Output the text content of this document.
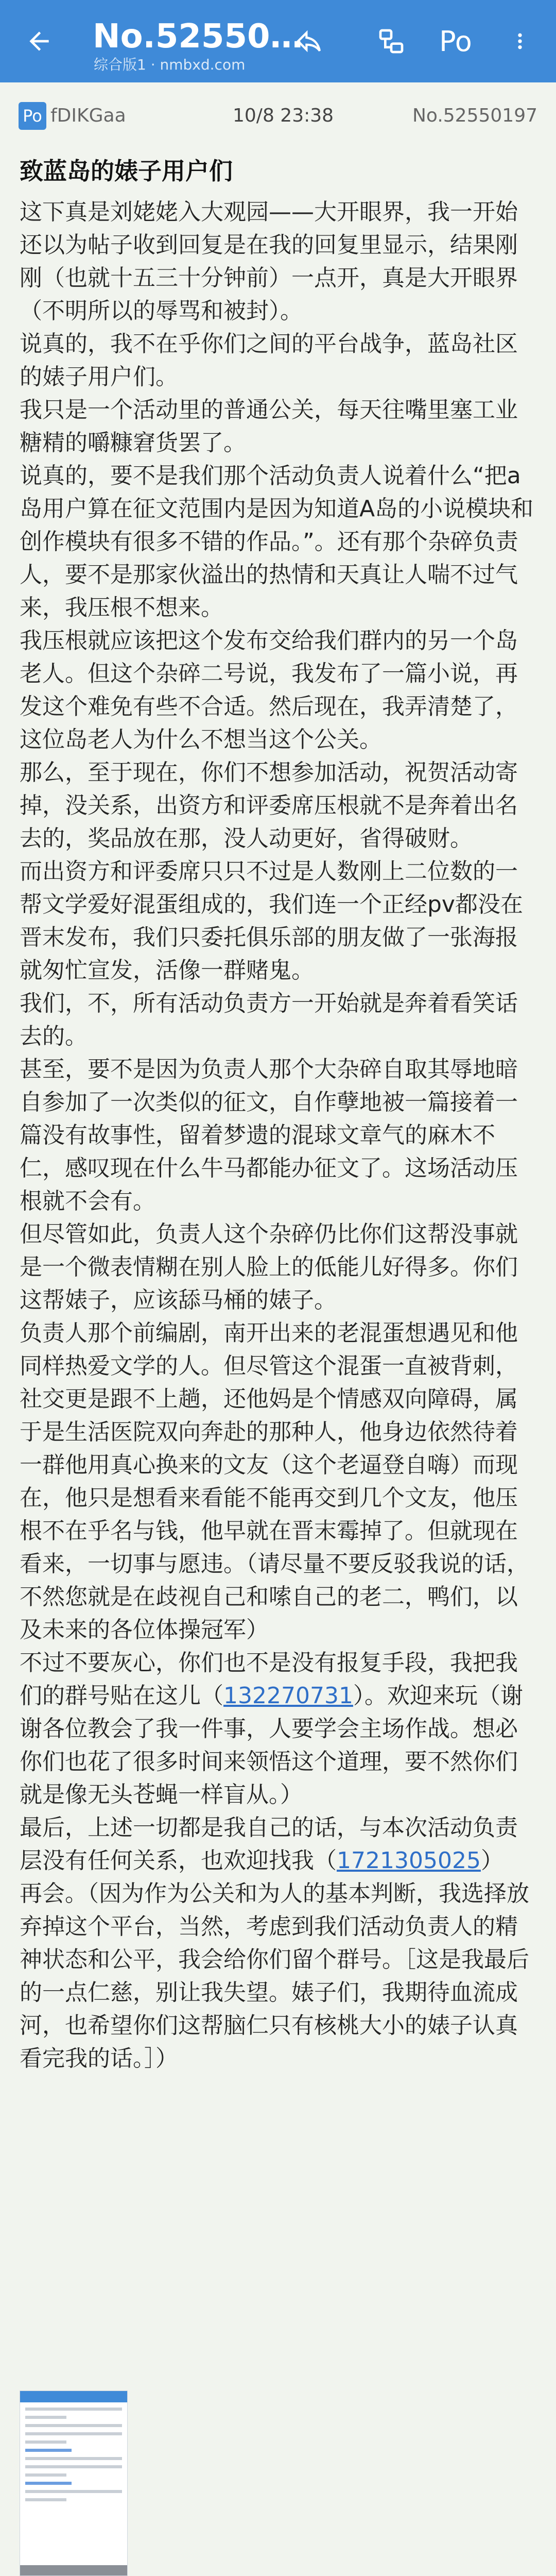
No.52550…
综合版1 · nmbxd.com
Po
Po fDIKGaa	10/8 23:38	No.52550197
致蓝岛的婊子用户们

这下真是刘姥姥入大观园——大开眼界，我一开始还以为帖子收到回复是在我的回复里显示，结果刚刚（也就十五三十分钟前）一点开，真是大开眼界（不明所以的辱骂和被封）。

说真的，我不在乎你们之间的平台战争，蓝岛社区的婊子用户们。

我只是一个活动里的普通公关，每天往嘴里塞工业糖精的嚼糠窘货罢了。

说真的，要不是我们那个活动负责人说着什么“把a岛用户算在征文范围内是因为知道A岛的小说模块和创作模块有很多不错的作品。”。还有那个杂碎负责人，要不是那家伙溢出的热情和天真让人喘不过气来，我压根不想来。

我压根就应该把这个发布交给我们群内的另一个岛老人。但这个杂碎二号说，我发布了一篇小说，再发这个难免有些不合适。然后现在，我弄清楚了，这位岛老人为什么不想当这个公关。

那么，至于现在，你们不想参加活动，祝贺活动寄掉，没关系，出资方和评委席压根就不是奔着出名去的，奖品放在那，没人动更好，省得破财。

而出资方和评委席只只不过是人数刚上二位数的一帮文学爱好混蛋组成的，我们连一个正经pv都没在晋末发布，我们只委托俱乐部的朋友做了一张海报就匆忙宣发，活像一群赌鬼。

我们，不，所有活动负责方一开始就是奔着看笑话去的。

甚至，要不是因为负责人那个大杂碎自取其辱地暗自参加了一次类似的征文，自作孽地被一篇接着一篇没有故事性，留着梦遗的混球文章气的麻木不仁，感叹现在什么牛马都能办征文了。这场活动压根就不会有。

但尽管如此，负责人这个杂碎仍比你们这帮没事就是一个微表情糊在别人脸上的低能儿好得多。你们这帮婊子，应该舔马桶的婊子。

负责人那个前编剧，南开出来的老混蛋想遇见和他同样热爱文学的人。但尽管这个混蛋一直被背刺，社交更是跟不上趟，还他妈是个情感双向障碍，属于是生活医院双向奔赴的那种人，他身边依然待着一群他用真心换来的文友（这个老逼登自嗨）而现在，他只是想看来看能不能再交到几个文友，他压根不在乎名与钱，他早就在晋末霉掉了。但就现在看来，一切事与愿违。（请尽量不要反驳我说的话，不然您就是在歧视自己和嗦自己的老二，鸭们，以及未来的各位体操冠军）

不过不要灰心，你们也不是没有报复手段，我把我们的群号贴在这儿（132270731）。欢迎来玩（谢谢各位教会了我一件事，人要学会主场作战。想必你们也花了很多时间来领悟这个道理，要不然你们就是像无头苍蝇一样盲从。）

最后，上述一切都是我自己的话，与本次活动负责层没有任何关系，也欢迎找我（1721305025）

再会。（因为作为公关和为人的基本判断，我选择放弃掉这个平台，当然，考虑到我们活动负责人的精神状态和公平，我会给你们留个群号。［这是我最后的一点仁慈，别让我失望。婊子们，我期待血流成河，也希望你们这帮脑仁只有核桃大小的婊子认真看完我的话。］）
